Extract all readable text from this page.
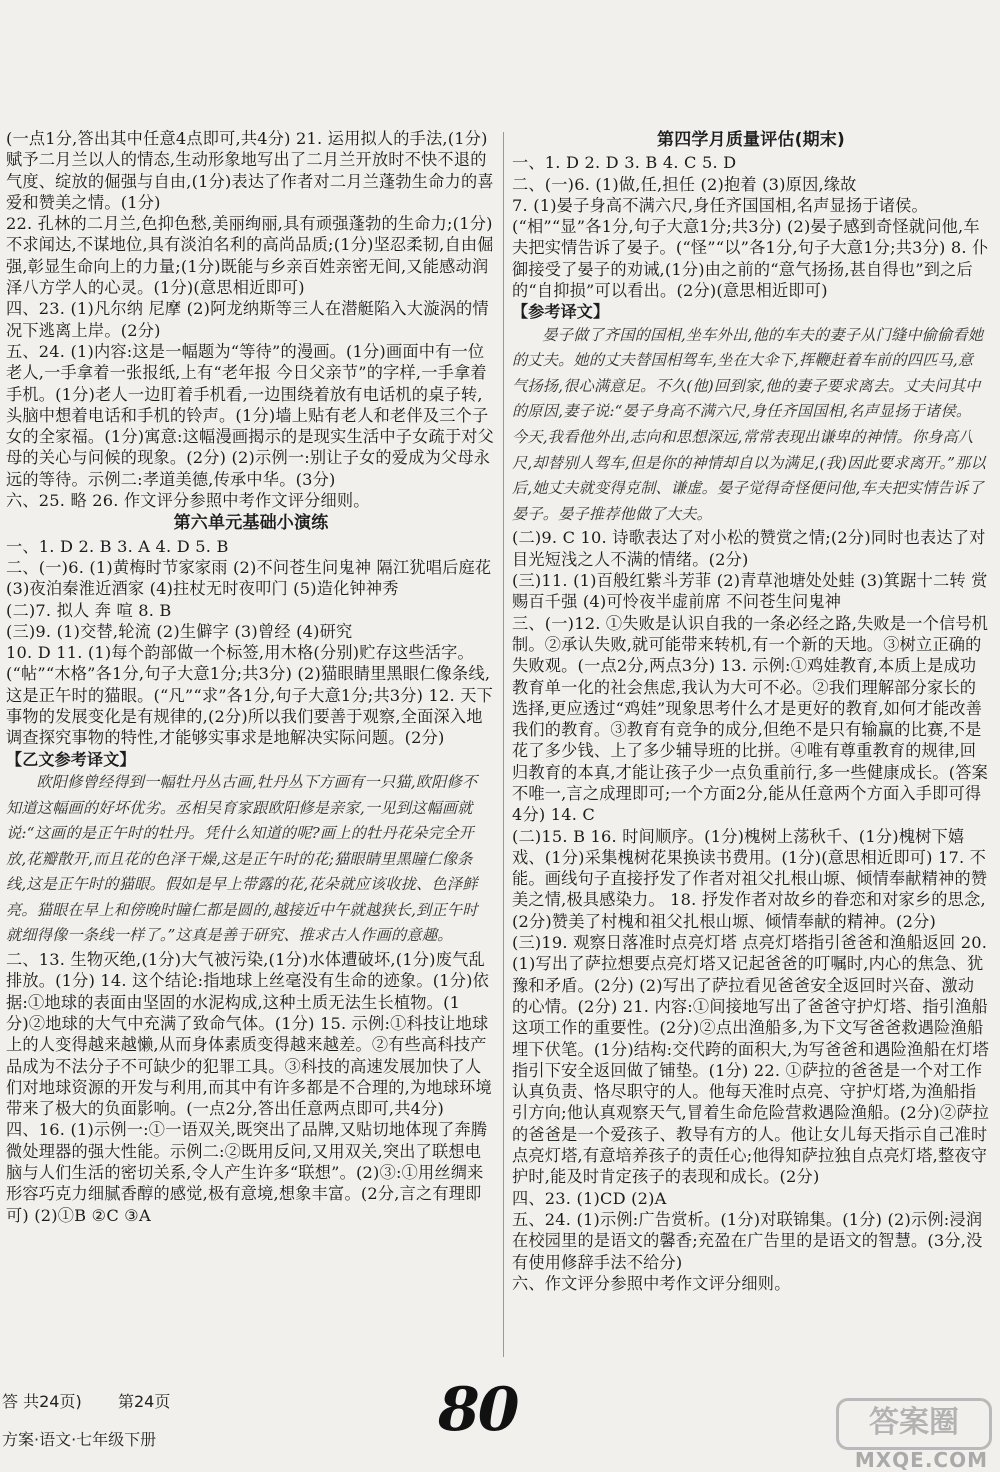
(一点1分,答出其中任意4点即可,共4分) 21. 运用拟人的手法,(1分)赋予二月兰以人的情态,生动形象地写出了二月兰开放时不快不退的气度、绽放的倔强与自由,(1分)表达了作者对二月兰蓬勃生命力的喜爱和赞美之情。(1分)

22. 孔林的二月兰,色抑色愁,美丽绚丽,具有顽强蓬勃的生命力;(1分)不求闻达,不谋地位,具有淡泊名利的高尚品质;(1分)坚忍柔韧,自由倔强,彰显生命向上的力量;(1分)既能与乡亲百姓亲密无间,又能感动润泽八方学人的心灵。(1分)(意思相近即可)

四、23. (1)凡尔纳 尼摩 (2)阿龙纳斯等三人在潜艇陷入大漩涡的情况下逃离上岸。(2分)

五、24. (1)内容:这是一幅题为“等待”的漫画。(1分)画面中有一位老人,一手拿着一张报纸,上有“老年报 今日父亲节”的字样,一手拿着手机。(1分)老人一边盯着手机看,一边围绕着放有电话机的桌子转,头脑中想着电话和手机的铃声。(1分)墙上贴有老人和老伴及三个子女的全家福。(1分)寓意:这幅漫画揭示的是现实生活中子女疏于对父母的关心与问候的现象。(2分) (2)示例一:别让子女的爱成为父母永远的等待。示例二:孝道美德,传承中华。(3分)

六、25. 略 26. 作文评分参照中考作文评分细则。

第六单元基础小演练

一、1. D 2. B 3. A 4. D 5. B

二、(一)6. (1)黄梅时节家家雨 (2)不问苍生问鬼神 隔江犹唱后庭花 (3)夜泊秦淮近酒家 (4)拄杖无时夜叩门 (5)造化钟神秀

(二)7. 拟人 奔 喧 8. B

(三)9. (1)交替,轮流 (2)生僻字 (3)曾经 (4)研究

10. D 11. (1)每个韵部做一个标签,用木格(分别)贮存这些活字。(“帖”“木格”各1分,句子大意1分;共3分) (2)猫眼睛里黑眼仁像条线,这是正午时的猫眼。(“凡”“求”各1分,句子大意1分;共3分) 12. 天下事物的发展变化是有规律的,(2分)所以我们要善于观察,全面深入地调查探究事物的特性,才能够实事求是地解决实际问题。(2分)

【乙文参考译文】

欧阳修曾经得到一幅牡丹丛古画,牡丹丛下方画有一只猫,欧阳修不知道这幅画的好坏优劣。丞相吴育家跟欧阳修是亲家,一见到这幅画就说:“这画的是正午时的牡丹。凭什么知道的呢?画上的牡丹花朵完全开放,花瓣散开,而且花的色泽干燥,这是正午时的花;猫眼睛里黑瞳仁像条线,这是正午时的猫眼。假如是早上带露的花,花朵就应该收拢、色泽鲜亮。猫眼在早上和傍晚时瞳仁都是圆的,越接近中午就越狭长,到正午时就细得像一条线一样了。”这真是善于研究、推求古人作画的意趣。

二、13. 生物灭绝,(1分)大气被污染,(1分)水体遭破坏,(1分)废气乱排放。(1分) 14. 这个结论:指地球上丝毫没有生命的迹象。(1分)依据:①地球的表面由坚固的水泥构成,这种土质无法生长植物。(1分)②地球的大气中充满了致命气体。(1分) 15. 示例:①科技让地球上的人变得越来越懒,从而身体素质变得越来越差。②有些高科技产品成为不法分子不可缺少的犯罪工具。③科技的高速发展加快了人们对地球资源的开发与利用,而其中有许多都是不合理的,为地球环境带来了极大的负面影响。(一点2分,答出任意两点即可,共4分)

四、16. (1)示例一:①一语双关,既突出了品牌,又贴切地体现了奔腾微处理器的强大性能。示例二:②既用反问,又用双关,突出了联想电脑与人们生活的密切关系,令人产生许多“联想”。(2)③:①用丝绸来形容巧克力细腻香醇的感觉,极有意境,想象丰富。(2分,言之有理即可) (2)①B ②C ③A

第四学月质量评估(期末)

一、1. D 2. D 3. B 4. C 5. D

二、(一)6. (1)做,任,担任 (2)抱着 (3)原因,缘故

7. (1)晏子身高不满六尺,身任齐国国相,名声显扬于诸侯。(“相”“显”各1分,句子大意1分;共3分) (2)晏子感到奇怪就问他,车夫把实情告诉了晏子。(“怪”“以”各1分,句子大意1分;共3分) 8. 仆御接受了晏子的劝诫,(1分)由之前的“意气扬扬,甚自得也”到之后的“自抑损”可以看出。(2分)(意思相近即可)

【参考译文】

晏子做了齐国的国相,坐车外出,他的车夫的妻子从门缝中偷偷看她的丈夫。她的丈夫替国相驾车,坐在大伞下,挥鞭赶着车前的四匹马,意气扬扬,很心满意足。不久(他)回到家,他的妻子要求离去。丈夫问其中的原因,妻子说:“晏子身高不满六尺,身任齐国国相,名声显扬于诸侯。今天,我看他外出,志向和思想深远,常常表现出谦卑的神情。你身高八尺,却替别人驾车,但是你的神情却自以为满足,(我)因此要求离开。”那以后,她丈夫就变得克制、谦虚。晏子觉得奇怪便问他,车夫把实情告诉了晏子。晏子推荐他做了大夫。

(二)9. C 10. 诗歌表达了对小松的赞赏之情;(2分)同时也表达了对目光短浅之人不满的情绪。(2分)

(三)11. (1)百般红紫斗芳菲 (2)青草池塘处处蛙 (3)箕踞十二转 赏赐百千强 (4)可怜夜半虚前席 不问苍生问鬼神

三、(一)12. ①失败是认识自我的一条必经之路,失败是一个信号机制。②承认失败,就可能带来转机,有一个新的天地。③树立正确的失败观。(一点2分,两点3分) 13. 示例:①鸡娃教育,本质上是成功教育单一化的社会焦虑,我认为大可不必。②我们理解部分家长的选择,更应透过“鸡娃”现象思考什么才是更好的教育,如何才能改善我们的教育。③教育有竞争的成分,但绝不是只有输赢的比赛,不是花了多少钱、上了多少辅导班的比拼。④唯有尊重教育的规律,回归教育的本真,才能让孩子少一点负重前行,多一些健康成长。(答案不唯一,言之成理即可;一个方面2分,能从任意两个方面入手即可得4分) 14. C

(二)15. B 16. 时间顺序。(1分)槐树上荡秋千、(1分)槐树下嬉戏、(1分)采集槐树花果换读书费用。(1分)(意思相近即可) 17. 不能。画线句子直接抒发了作者对祖父扎根山塬、倾情奉献精神的赞美之情,极具感染力。 18. 抒发作者对故乡的眷恋和对家乡的思念,(2分)赞美了村槐和祖父扎根山塬、倾情奉献的精神。(2分)

(三)19. 观察日落准时点亮灯塔 点亮灯塔指引爸爸和渔船返回 20. (1)写出了萨拉想要点亮灯塔又记起爸爸的叮嘱时,内心的焦急、犹豫和矛盾。(2分) (2)写出了萨拉看见爸爸安全返回时兴奋、激动的心情。(2分) 21. 内容:①间接地写出了爸爸守护灯塔、指引渔船这项工作的重要性。(2分)②点出渔船多,为下文写爸爸救遇险渔船埋下伏笔。(1分)结构:交代跨的面积大,为写爸爸和遇险渔船在灯塔指引下安全返回做了铺垫。(1分) 22. ①萨拉的爸爸是一个对工作认真负责、恪尽职守的人。他每天准时点亮、守护灯塔,为渔船指引方向;他认真观察天气,冒着生命危险营救遇险渔船。(2分)②萨拉的爸爸是一个爱孩子、教导有方的人。他让女儿每天指示自己准时点亮灯塔,有意培养孩子的责任心;他得知萨拉独自点亮灯塔,整夜守护时,能及时肯定孩子的表现和成长。(2分)

四、23. (1)CD (2)A

五、24. (1)示例:广告赏析。(1分)对联锦集。(1分) (2)示例:浸润在校园里的是语文的馨香;充盈在广告里的是语文的智慧。(3分,没有使用修辞手法不给分)

六、作文评分参照中考作文评分细则。

答 共24页) 第24页
方案·语文·七年级下册	80	答案圈
MXQE.COM
